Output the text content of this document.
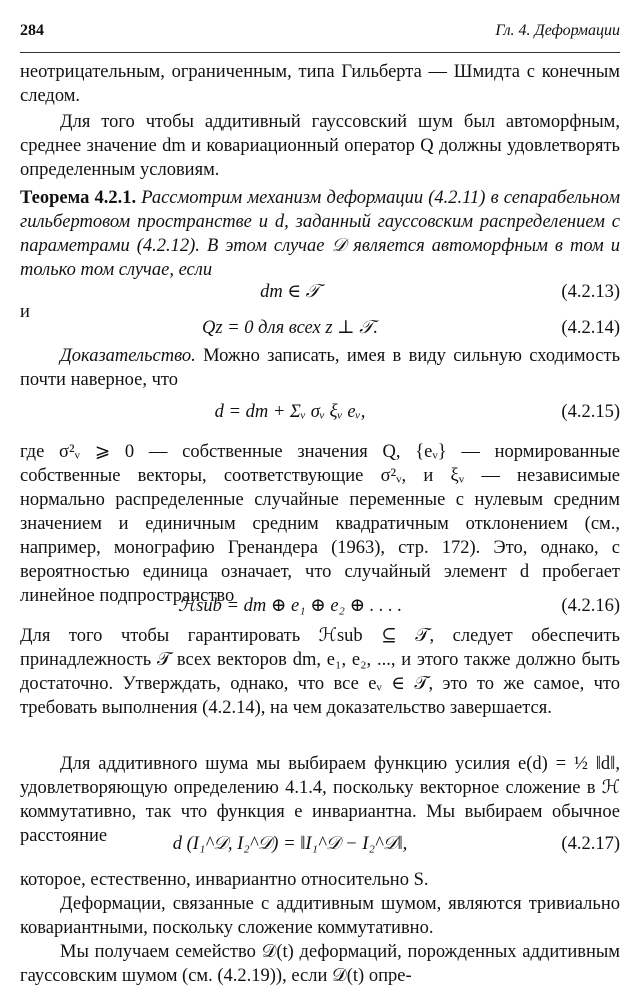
284	Гл. 4. Деформации

неотрицательным, ограниченным, типа Гильберта — Шмидта с конечным следом.

Для того чтобы аддитивный гауссовский шум был автоморфным, среднее значение dm и ковариационный оператор Q должны удовлетворять определенным условиям.

Теорема 4.2.1. Рассмотрим механизм деформации (4.2.11) в сепарабельном гильбертовом пространстве и d, заданный гауссовским распределением с параметрами (4.2.12). В этом случае 𝒟 является автоморфным в том и только том случае, если

dm ∈ 𝒯	(4.2.13)

и

Qz = 0 для всех z ⊥ 𝒯.	(4.2.14)

Доказательство. Можно записать, имея в виду сильную сходимость почти наверное, что

d = dm + Σᵥ σᵥ ξᵥ eᵥ,	(4.2.15)

где σ²ᵥ ⩾ 0 — собственные значения Q, {eᵥ} — нормированные собственные векторы, соответствующие σ²ᵥ, и ξᵥ — независимые нормально распределенные случайные переменные с нулевым средним значением и единичным средним квадратичным отклонением (см., например, монографию Гренандера (1963), стр. 172). Это, однако, с вероятностью единица означает, что случайный элемент d пробегает линейное подпространство

ℋsub = dm ⊕ e₁ ⊕ e₂ ⊕ . . . .	(4.2.16)

Для того чтобы гарантировать ℋsub ⊆ 𝒯, следует обеспечить принадлежность 𝒯 всех векторов dm, e₁, e₂, ..., и этого также должно быть достаточно. Утверждать, однако, что все eᵥ ∈ 𝒯, это то же самое, что требовать выполнения (4.2.14), на чем доказательство завершается.

Для аддитивного шума мы выбираем функцию усилия e(d) = ½ ‖d‖, удовлетворяющую определению 4.1.4, поскольку векторное сложение в ℋ коммутативно, так что функция e инвариантна. Мы выбираем обычное расстояние	d (I₁^𝒟, I₂^𝒟) = ‖I₁^𝒟 − I₂^𝒟‖,	(4.2.17)

которое, естественно, инвариантно относительно S.

Деформации, связанные с аддитивным шумом, являются тривиально ковариантными, поскольку сложение коммутативно.

Мы получаем семейство 𝒟(t) деформаций, порожденных аддитивным гауссовским шумом (см. (4.2.19)), если 𝒟(t) опре-
